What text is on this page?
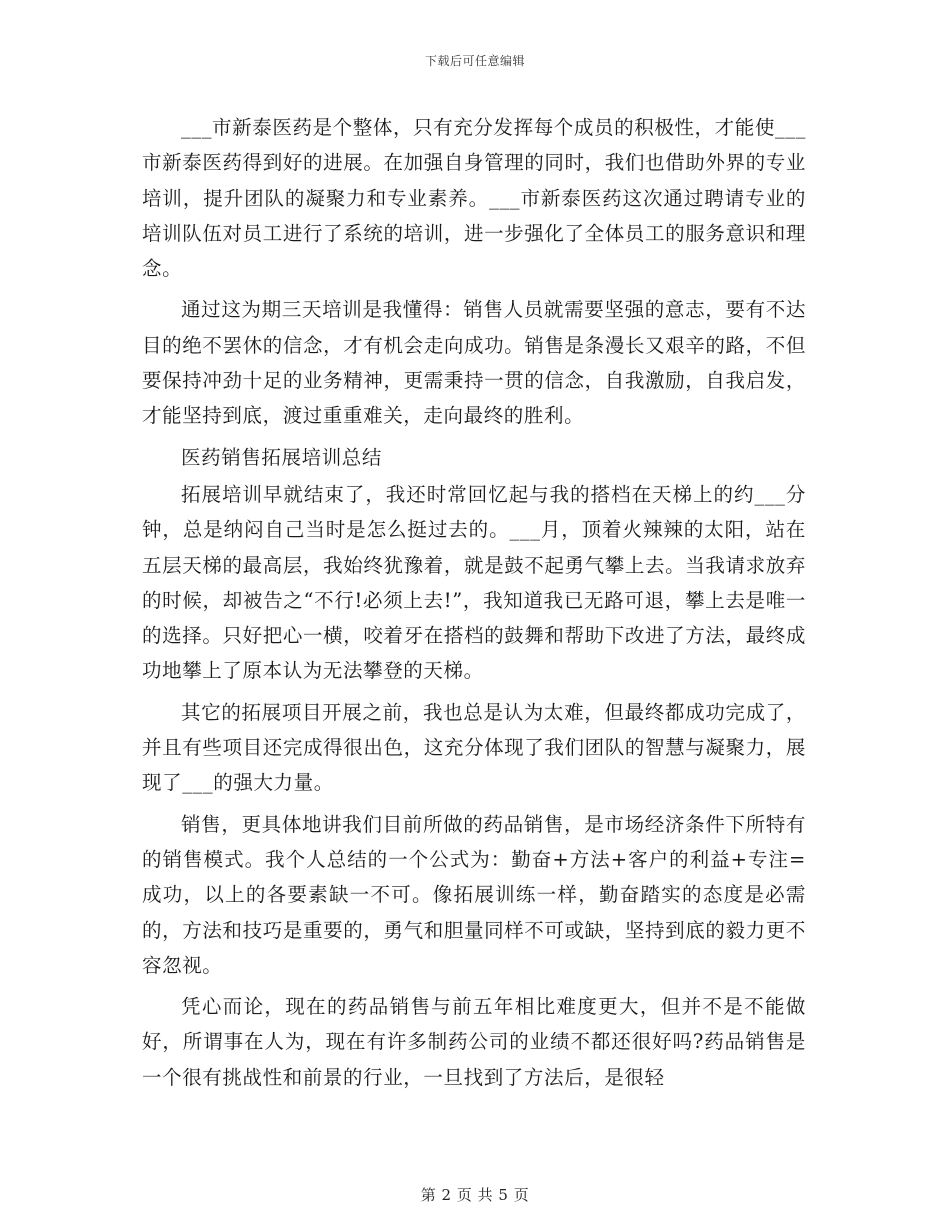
下载后可任意编辑

___市新泰医药是个整体，只有充分发挥每个成员的积极性，才能使___市新泰医药得到好的进展。在加强自身管理的同时，我们也借助外界的专业培训，提升团队的凝聚力和专业素养。___市新泰医药这次通过聘请专业的培训队伍对员工进行了系统的培训，进一步强化了全体员工的服务意识和理念。

通过这为期三天培训是我懂得：销售人员就需要坚强的意志，要有不达目的绝不罢休的信念，才有机会走向成功。销售是条漫长又艰辛的路，不但要保持冲劲十足的业务精神，更需秉持一贯的信念，自我激励，自我启发，才能坚持到底，渡过重重难关，走向最终的胜利。

医药销售拓展培训总结

拓展培训早就结束了，我还时常回忆起与我的搭档在天梯上的约___分钟，总是纳闷自己当时是怎么挺过去的。___月，顶着火辣辣的太阳，站在五层天梯的最高层，我始终犹豫着，就是鼓不起勇气攀上去。当我请求放弃的时候，却被告之“不行!必须上去!”，我知道我已无路可退，攀上去是唯一的选择。只好把心一横，咬着牙在搭档的鼓舞和帮助下改进了方法，最终成功地攀上了原本认为无法攀登的天梯。

其它的拓展项目开展之前，我也总是认为太难，但最终都成功完成了，并且有些项目还完成得很出色，这充分体现了我们团队的智慧与凝聚力，展现了___的强大力量。

销售，更具体地讲我们目前所做的药品销售，是市场经济条件下所特有的销售模式。我个人总结的一个公式为：勤奋+方法+客户的利益+专注=成功，以上的各要素缺一不可。像拓展训练一样，勤奋踏实的态度是必需的，方法和技巧是重要的，勇气和胆量同样不可或缺，坚持到底的毅力更不容忽视。

凭心而论，现在的药品销售与前五年相比难度更大，但并不是不能做好，所谓事在人为，现在有许多制药公司的业绩不都还很好吗?药品销售是一个很有挑战性和前景的行业，一旦找到了方法后，是很轻

第 2 页 共 5 页
